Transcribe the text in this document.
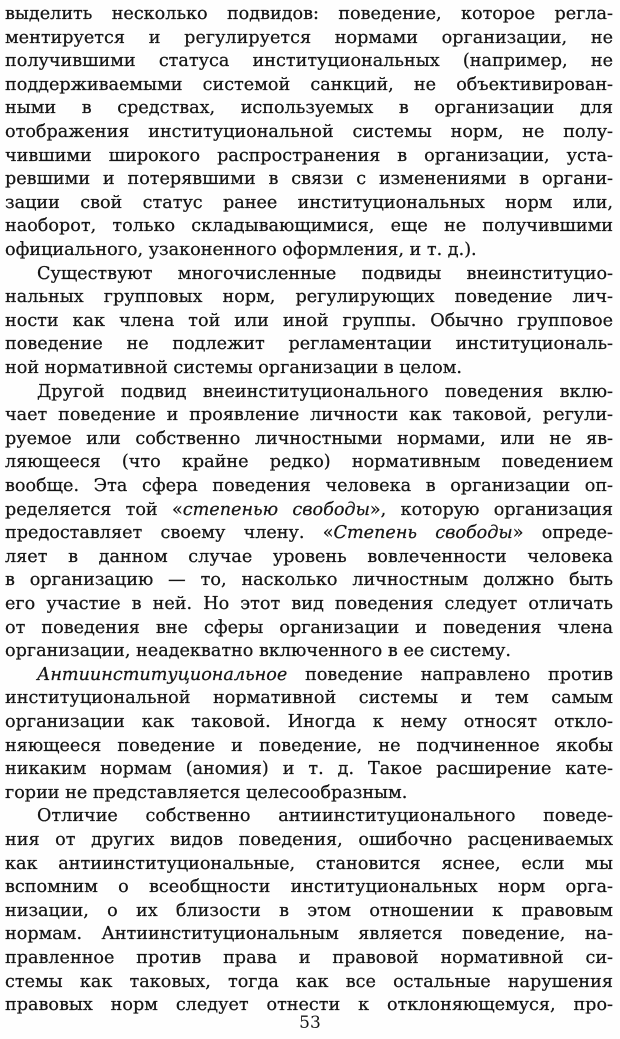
выделить несколько подвидов: поведение, которое регла-
ментируется и регулируется нормами организации, не
получившими статуса институциональных (например, не
поддерживаемыми системой санкций, не объективирован-
ными в средствах, используемых в организации для
отображения институциональной системы норм, не полу-
чившими широкого распространения в организации, уста-
ревшими и потерявшими в связи с изменениями в органи-
зации свой статус ранее институциональных норм или,
наоборот, только складывающимися, еще не получившими
официального, узаконенного оформления, и т. д.).
Существуют многочисленные подвиды внеинституцио-
нальных групповых норм, регулирующих поведение лич-
ности как члена той или иной группы. Обычно групповое
поведение не подлежит регламентации институциональ-
ной нормативной системы организации в целом.
Другой подвид внеинституционального поведения вклю-
чает поведение и проявление личности как таковой, регули-
руемое или собственно личностными нормами, или не яв-
ляющееся (что крайне редко) нормативным поведением
вообще. Эта сфера поведения человека в организации оп-
ределяется той «степенью свободы», которую организация
предоставляет своему члену. «Степень свободы» опреде-
ляет в данном случае уровень вовлеченности человека
в организацию — то, насколько личностным должно быть
его участие в ней. Но этот вид поведения следует отличать
от поведения вне сферы организации и поведения члена
организации, неадекватно включенного в ее систему.
Антиинституциональное поведение направлено против
институциональной нормативной системы и тем самым
организации как таковой. Иногда к нему относят откло-
няющееся поведение и поведение, не подчиненное якобы
никаким нормам (аномия) и т. д. Такое расширение кате-
гории не представляется целесообразным.
Отличие собственно антиинституционального поведе-
ния от других видов поведения, ошибочно расцениваемых
как антиинституциональные, становится яснее, если мы
вспомним о всеобщности институциональных норм орга-
низации, о их близости в этом отношении к правовым
нормам. Антиинституциональным является поведение, на-
правленное против права и правовой нормативной си-
стемы как таковых, тогда как все остальные нарушения
правовых норм следует отнести к отклоняющемуся, про-
53
